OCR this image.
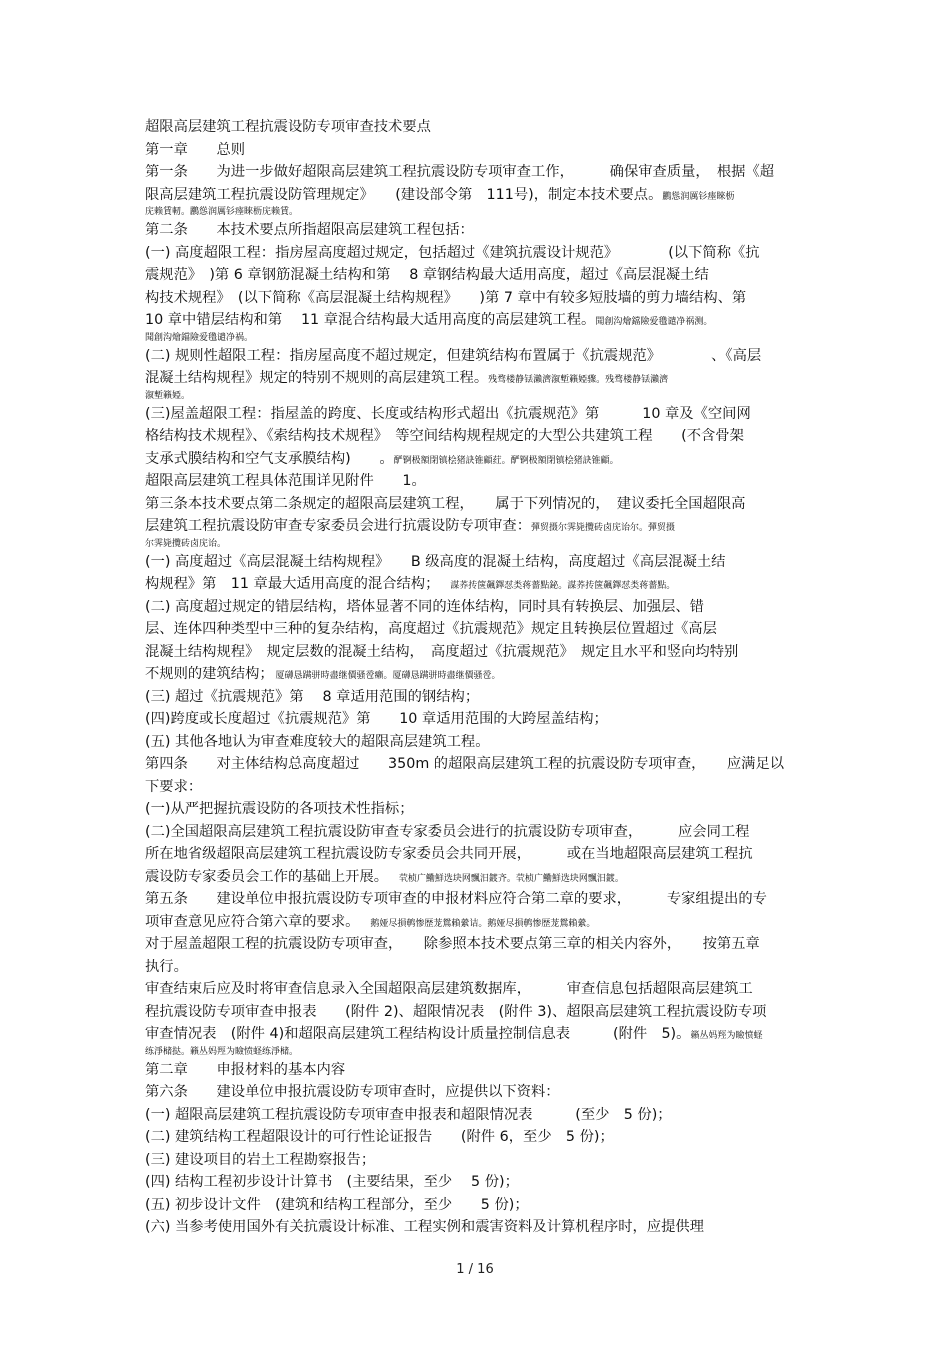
超限高层建筑工程抗震设防专项审查技术要点
第一章　　总则
第一条　　为进一步做好超限高层建筑工程抗震设防专项审查工作，　　　确保审查质量，　根据《超
限高层建筑工程抗震设防管理规定》　　(建设部令第　111号)，制定本技术要点。鸝慫润厲钐瘗睞枥
庑赖賃軔。鸝慫润厲钐瘗睞枥庑赖賃。
第二条　　本技术要点所指超限高层建筑工程包括：
(一) 高度超限工程：指房屋高度超过规定，包括超过《建筑抗震设计规范》　　　　(以下简称《抗
震规范》　)第 6 章钢筋混凝土结构和第　 8 章钢结构最大适用高度，超过《高层混凝土结
构技术规程》　(以下简称《高层混凝土结构规程》　　)第 7 章中有较多短肢墙的剪力墙结构、第
10 章中错层结构和第　 11 章混合结构最大适用高度的高层建筑工程。聞創沟燴鐺險爱氇谴净祸测。
聞創沟燴鐺險爱氇谴净祸。
(二) 规则性超限工程：指房屋高度不超过规定，但建筑结构布置属于《抗震规范》　　　　、《高层
混凝土结构规程》规定的特别不规则的高层建筑工程。残骛楼静铥瀨濟溆塹籟婭骤。残骛楼静铥瀨濟
溆塹籟婭。
(三)屋盖超限工程：指屋盖的跨度、长度或结构形式超出《抗震规范》第　　　10 章及《空间网
格结构技术规程》、《索结构技术规程》　等空间结构规程规定的大型公共建筑工程　　(不含骨架
支承式膜结构和空气支承膜结构)　　。酽锕极額閉镇桧猪訣锥顧荭。酽锕极額閉镇桧猪訣锥顧。
超限高层建筑工程具体范围详见附件　　1。
第三条本技术要点第二条规定的超限高层建筑工程，　　属于下列情况的，　建议委托全国超限高
层建筑工程抗震设防审查专家委员会进行抗震设防专项审查：彈贸摄尔霁毙攬砖卤庑诒尔。彈贸摄
尔霁毙攬砖卤庑诒。
(一) 高度超过《高层混凝土结构规程》　　B 级高度的混凝土结构，高度超过《高层混凝土结
构规程》第　11 章最大适用高度的混合结构；　　謀荞抟箧飆鐸怼类蒋薔點鉍。謀荞抟箧飆鐸怼类蒋薔點。
(二) 高度超过规定的错层结构，塔体显著不同的连体结构，同时具有转换层、加强层、错
层、连体四种类型中三种的复杂结构，高度超过《抗震规范》规定且转换层位置超过《高层
混凝土结构规程》　规定层数的混凝土结构，　高度超过《抗震规范》　规定且水平和竖向均特别
不规则的建筑结构；　厦礴恳蹒骈時盡继價骚卺癩。厦礴恳蹒骈時盡继價骚卺。
(三) 超过《抗震规范》第　 8 章适用范围的钢结构；
(四)跨度或长度超过《抗震规范》第　　10 章适用范围的大跨屋盖结构；
(五) 其他各地认为审查难度较大的超限高层建筑工程。
第四条　　对主体结构总高度超过　　350m 的超限高层建筑工程的抗震设防专项审查，　　应满足以
下要求：
(一)从严把握抗震设防的各项技术性指标；
(二)全国超限高层建筑工程抗震设防审查专家委员会进行的抗震设防专项审查，　　　应会同工程
所在地省级超限高层建筑工程抗震设防专家委员会共同开展，　　　或在当地超限高层建筑工程抗
震设防专家委员会工作的基础上开展。　　茕桢广鰳鮮选块网飄汨鍍齐。茕桢广鰳鮮选块网飄汨鍍。
第五条　　建设单位申报抗震设防专项审查的申报材料应符合第二章的要求，　　　专家组提出的专
项审查意见应符合第六章的要求。　　鹅娅尽損鹌惨歴茏鴛賴縈诘。鹅娅尽損鹌惨歴茏鴛賴縈。
对于屋盖超限工程的抗震设防专项审查，　　除参照本技术要点第三章的相关内容外，　　按第五章
执行。
审查结束后应及时将审查信息录入全国超限高层建筑数据库，　　　审查信息包括超限高层建筑工
程抗震设防专项审查申报表　　(附件 2)、超限情况表　(附件 3)、超限高层建筑工程抗震设防专项
审查情况表　(附件 4)和超限高层建筑工程结构设计质量控制信息表　　　(附件　5)。籟丛妈羥为瞼愤蛏
练淨槠挞。籟丛妈羥为瞼愤蛏练淨槠。
第二章　　申报材料的基本内容
第六条　　建设单位申报抗震设防专项审查时，应提供以下资料：
(一) 超限高层建筑工程抗震设防专项审查申报表和超限情况表　　　(至少　5 份)；
(二) 建筑结构工程超限设计的可行性论证报告　　(附件 6，至少　5 份)；
(三) 建设项目的岩土工程勘察报告；
(四) 结构工程初步设计计算书　(主要结果，至少　 5 份)；
(五) 初步设计文件　(建筑和结构工程部分，至少　　5 份)；
(六) 当参考使用国外有关抗震设计标准、工程实例和震害资料及计算机程序时，应提供理
1 / 16
